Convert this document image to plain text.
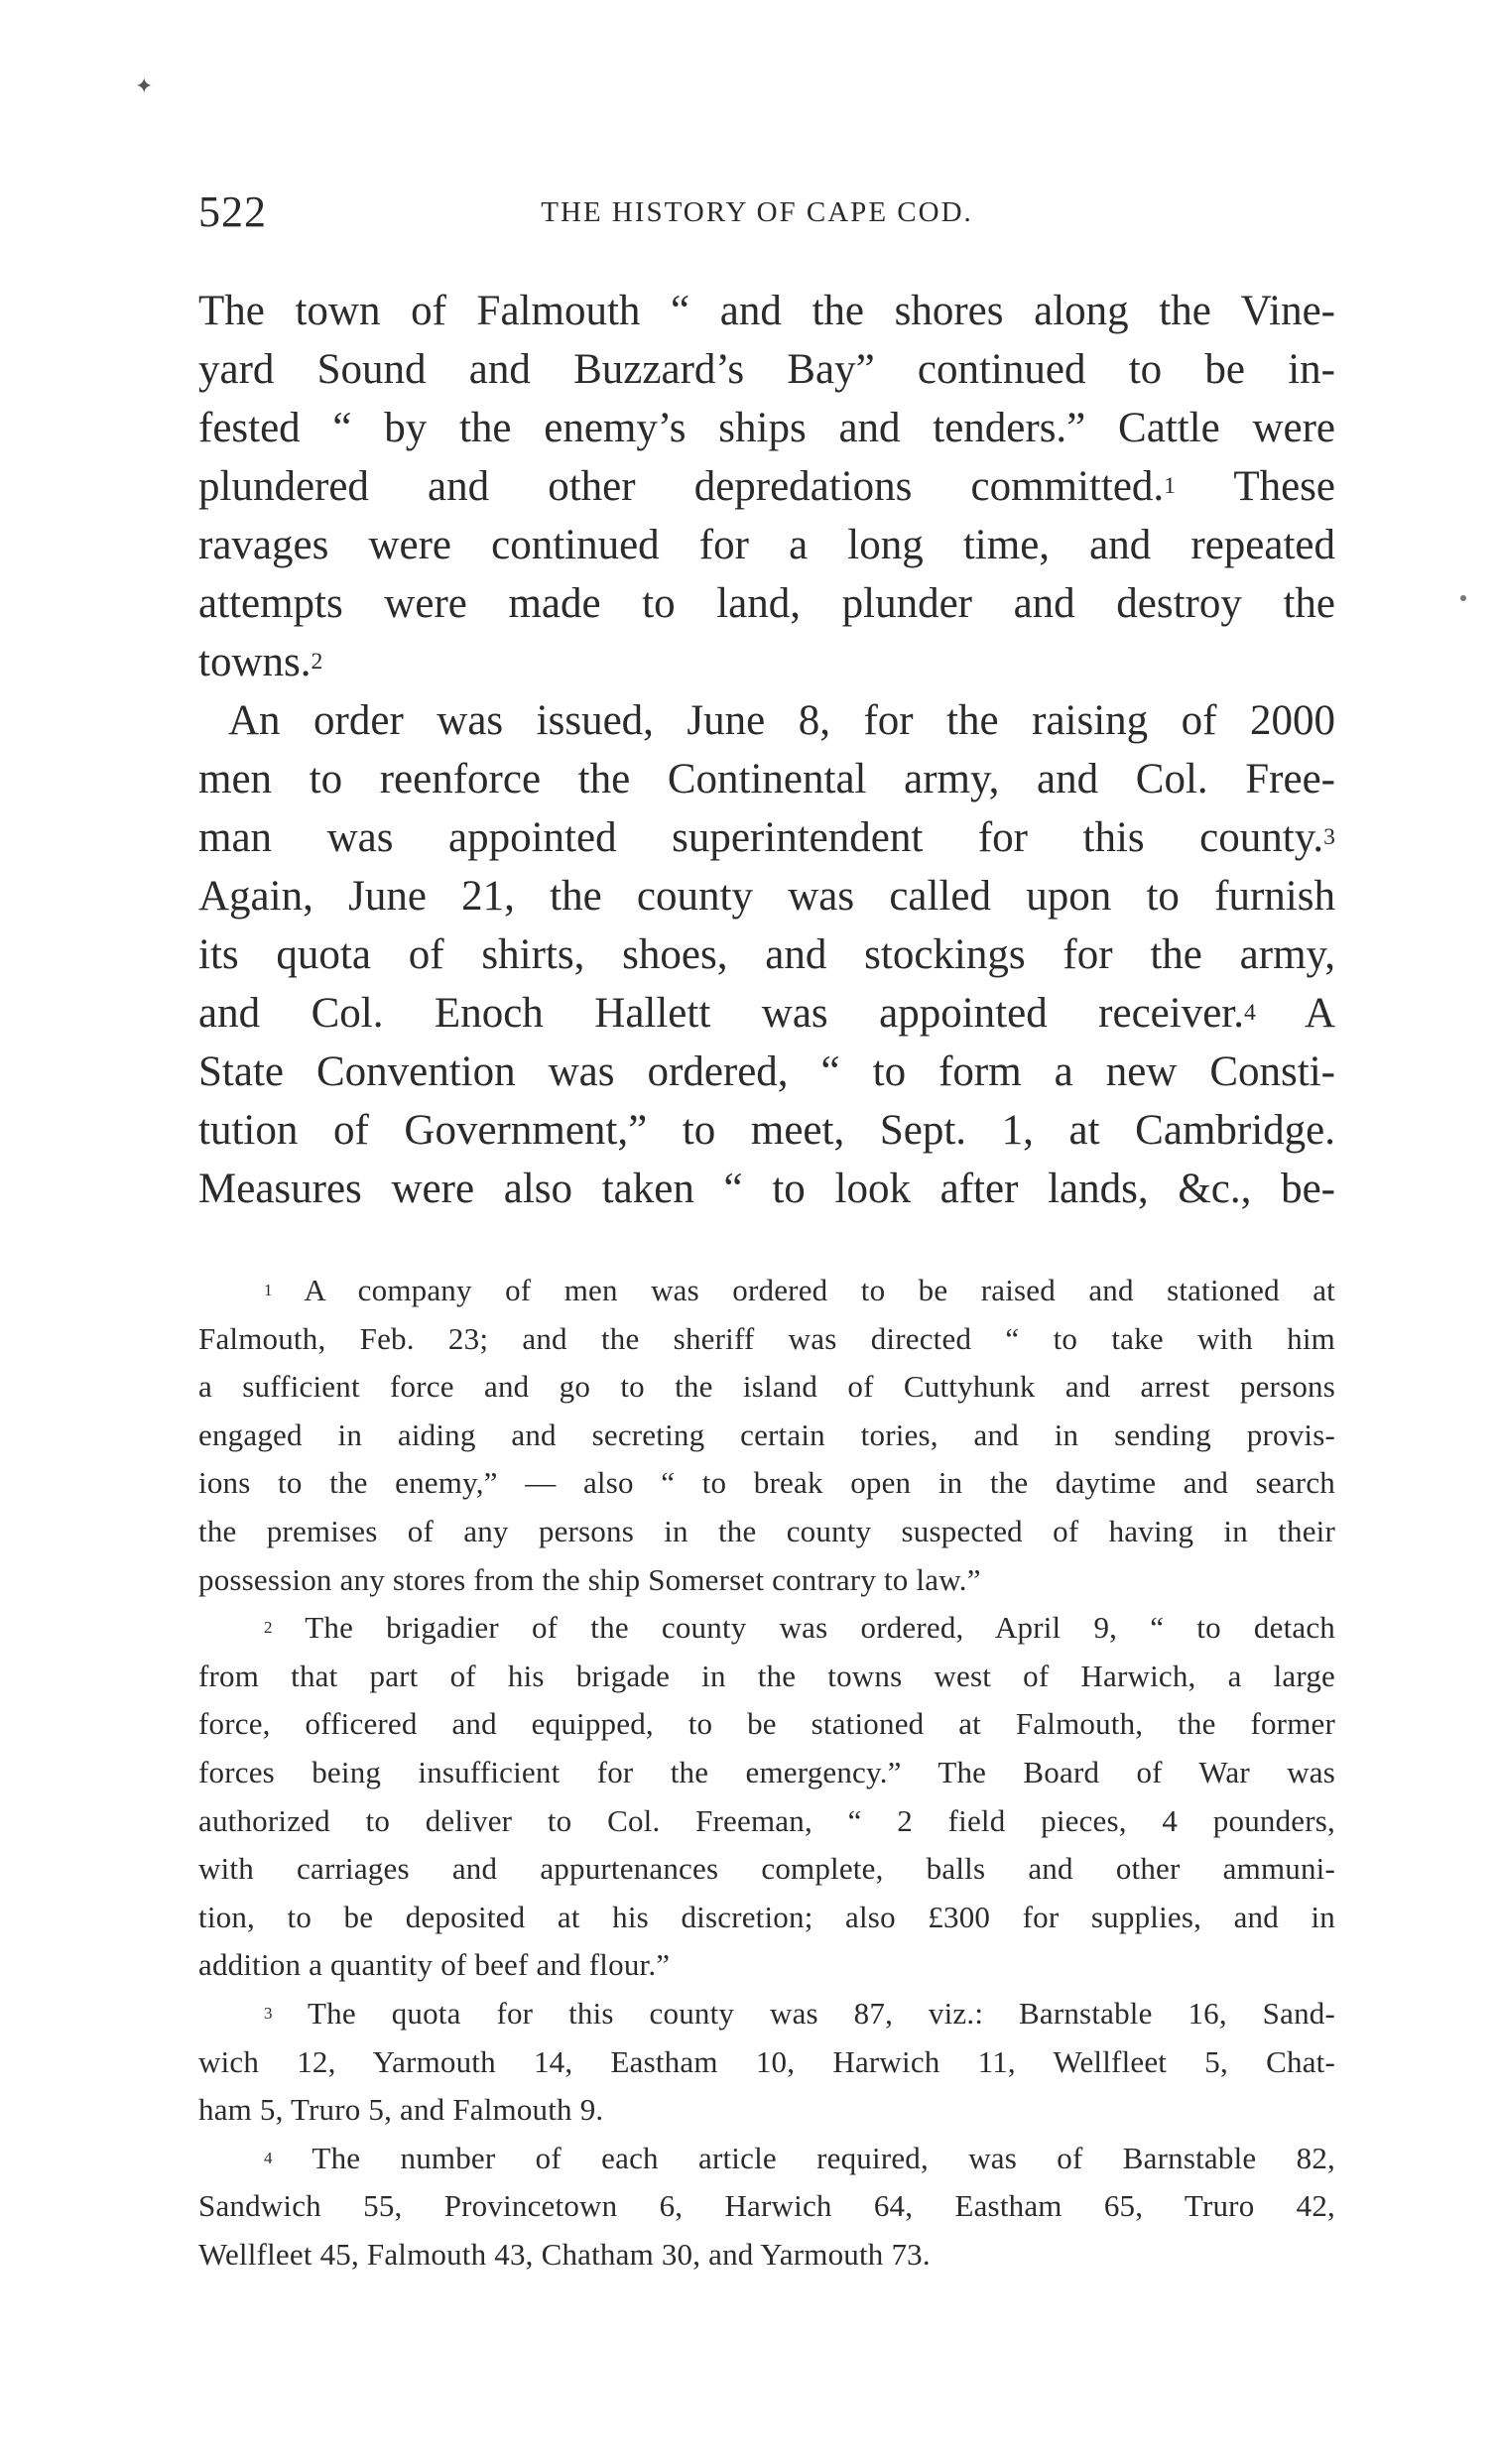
✦
522	THE HISTORY OF CAPE COD.
The town of Falmouth “ and the shores along the Vine-
yard Sound and Buzzard’s Bay” continued to be in-
fested “ by the enemy’s ships and tenders.” Cattle were
plundered and other depredations committed.$^1$ These
ravages were continued for a long time, and repeated
attempts were made to land, plunder and destroy the
towns.$^2$
An order was issued, June 8, for the raising of 2000
men to reenforce the Continental army, and Col. Free-
man was appointed superintendent for this county.$^3$
Again, June 21, the county was called upon to furnish
its quota of shirts, shoes, and stockings for the army,
and Col. Enoch Hallett was appointed receiver.$^4$ A
State Convention was ordered, “ to form a new Consti-
tution of Government,” to meet, Sept. 1, at Cambridge.
Measures were also taken “ to look after lands, &c., be-
$^1$ A company of men was ordered to be raised and stationed at
Falmouth, Feb. 23; and the sheriff was directed “ to take with him
a sufficient force and go to the island of Cuttyhunk and arrest persons
engaged in aiding and secreting certain tories, and in sending provis-
ions to the enemy,” — also “ to break open in the daytime and search
the premises of any persons in the county suspected of having in their
possession any stores from the ship Somerset contrary to law.”
$^2$ The brigadier of the county was ordered, April 9, “ to detach
from that part of his brigade in the towns west of Harwich, a large
force, officered and equipped, to be stationed at Falmouth, the former
forces being insufficient for the emergency.” The Board of War was
authorized to deliver to Col. Freeman, “ 2 field pieces, 4 pounders,
with carriages and appurtenances complete, balls and other ammuni-
tion, to be deposited at his discretion; also £300 for supplies, and in
addition a quantity of beef and flour.”
$^3$ The quota for this county was 87, viz.: Barnstable 16, Sand-
wich 12, Yarmouth 14, Eastham 10, Harwich 11, Wellfleet 5, Chat-
ham 5, Truro 5, and Falmouth 9.
$^4$ The number of each article required, was of Barnstable 82,
Sandwich 55, Provincetown 6, Harwich 64, Eastham 65, Truro 42,
Wellfleet 45, Falmouth 43, Chatham 30, and Yarmouth 73.
